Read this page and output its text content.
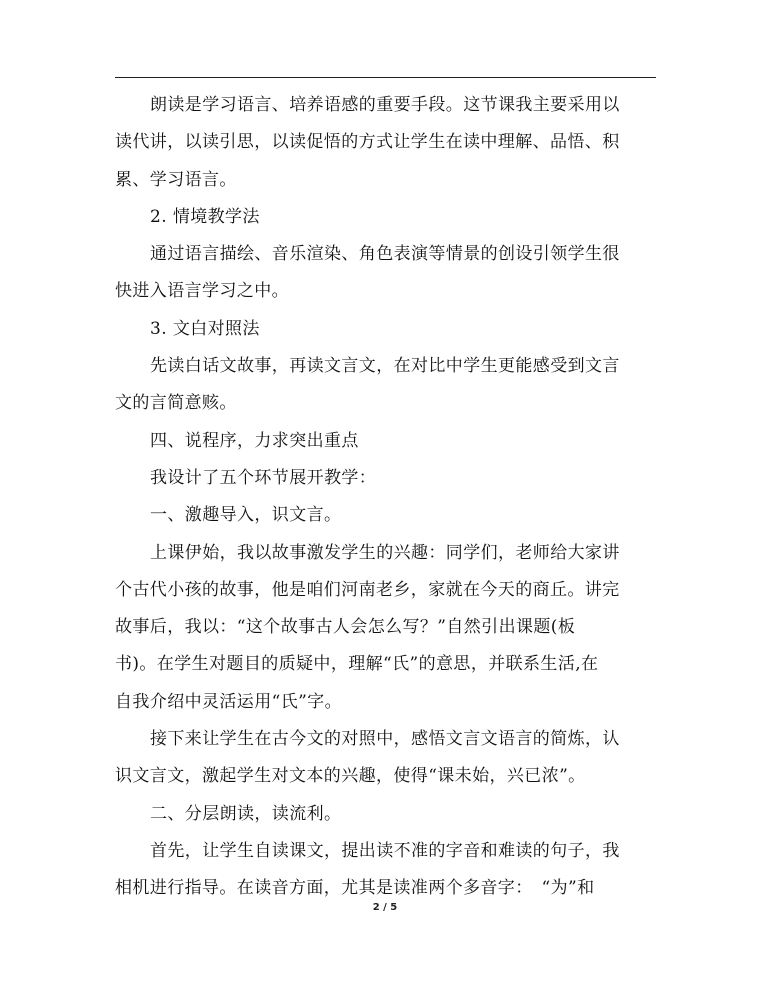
朗读是学习语言、培养语感的重要手段。这节课我主要采用以
读代讲，以读引思，以读促悟的方式让学生在读中理解、品悟、积
累、学习语言。
2. 情境教学法
通过语言描绘、音乐渲染、角色表演等情景的创设引领学生很
快进入语言学习之中。
3. 文白对照法
先读白话文故事，再读文言文，在对比中学生更能感受到文言
文的言简意赅。
四、说程序，力求突出重点
我设计了五个环节展开教学：
一、激趣导入，识文言。
上课伊始，我以故事激发学生的兴趣：同学们，老师给大家讲
个古代小孩的故事，他是咱们河南老乡，家就在今天的商丘。讲完
故事后，我以：“这个故事古人会怎么写？”自然引出课题(板
书)。在学生对题目的质疑中，理解“氏”的意思，并联系生活,在
自我介绍中灵活运用“氏”字。
接下来让学生在古今文的对照中，感悟文言文语言的简炼，认
识文言文，激起学生对文本的兴趣，使得“课未始，兴已浓”。
二、分层朗读，读流利。
首先，让学生自读课文，提出读不准的字音和难读的句子，我
相机进行指导。在读音方面，尤其是读准两个多音字：　“为”和
2 / 5
